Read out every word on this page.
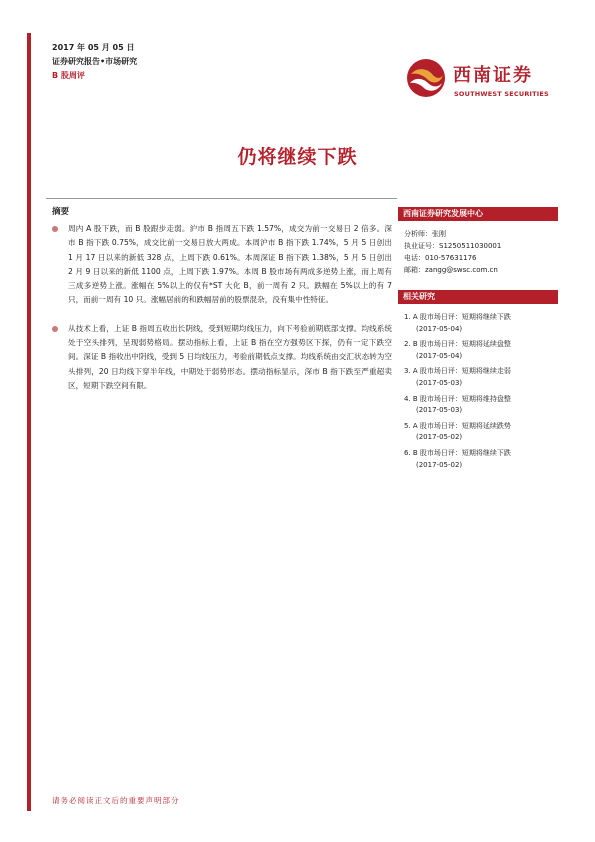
2017 年 05 月 05 日
证券研究报告•市场研究
B 股周评	西南证券
SOUTHWEST SECURITIES
仍将继续下跌
摘要
周内 A 股下跌，而 B 股跟步走弱。沪市 B 指周五下跌 1.57%，成交为前一交易日 2 倍多。深市 B 指下跌 0.75%，成交比前一交易日放大两成。本周沪市 B 指下跌 1.74%，5 月 5 日创出 1 月 17 日以来的新低 328 点，上周下跌 0.61%。本周深证 B 指下跌 1.38%，5 月 5 日创出 2 月 9 日以来的新低 1100 点，上周下跌 1.97%。本周 B 股市场有两成多逆势上涨，而上周有三成多逆势上涨。涨幅在 5%以上的仅有*ST 大化 B，前一周有 2 只。跌幅在 5%以上的有 7 只，而前一周有 10 只。涨幅居前的和跌幅居前的股票混杂，没有集中性特征。
从技术上看，上证 B 指周五收出长阴线，受到短期均线压力，向下考验前期底部支撑。均线系统处于空头排列，呈现弱势格局。摆动指标上看，上证 B 指在空方强势区下探，仍有一定下跌空间。深证 B 指收出中阴线，受到 5 日均线压力，考验前期低点支撑。均线系统由交汇状态转为空头排列，20 日均线下穿半年线，中期处于弱势形态。摆动指标显示，深市 B 指下跌至严重超卖区，短期下跌空间有限。
西南证券研究发展中心
分析师：张刚
执业证号：S1250511030001
电话：010-57631176
邮箱：zangg@swsc.com.cn
相关研究
1. A 股市场日评：短期将继续下跌
(2017-05-04)
2. B 股市场日评：短期将延续盘整
(2017-05-04)
3. A 股市场日评：短期将继续走弱
(2017-05-03)
4. B 股市场日评：短期将维持盘整
(2017-05-03)
5. A 股市场日评：短期将延续跌势
(2017-05-02)
6. B 股市场日评：短期将继续下跌
(2017-05-02)
请务必阅读正文后的重要声明部分
